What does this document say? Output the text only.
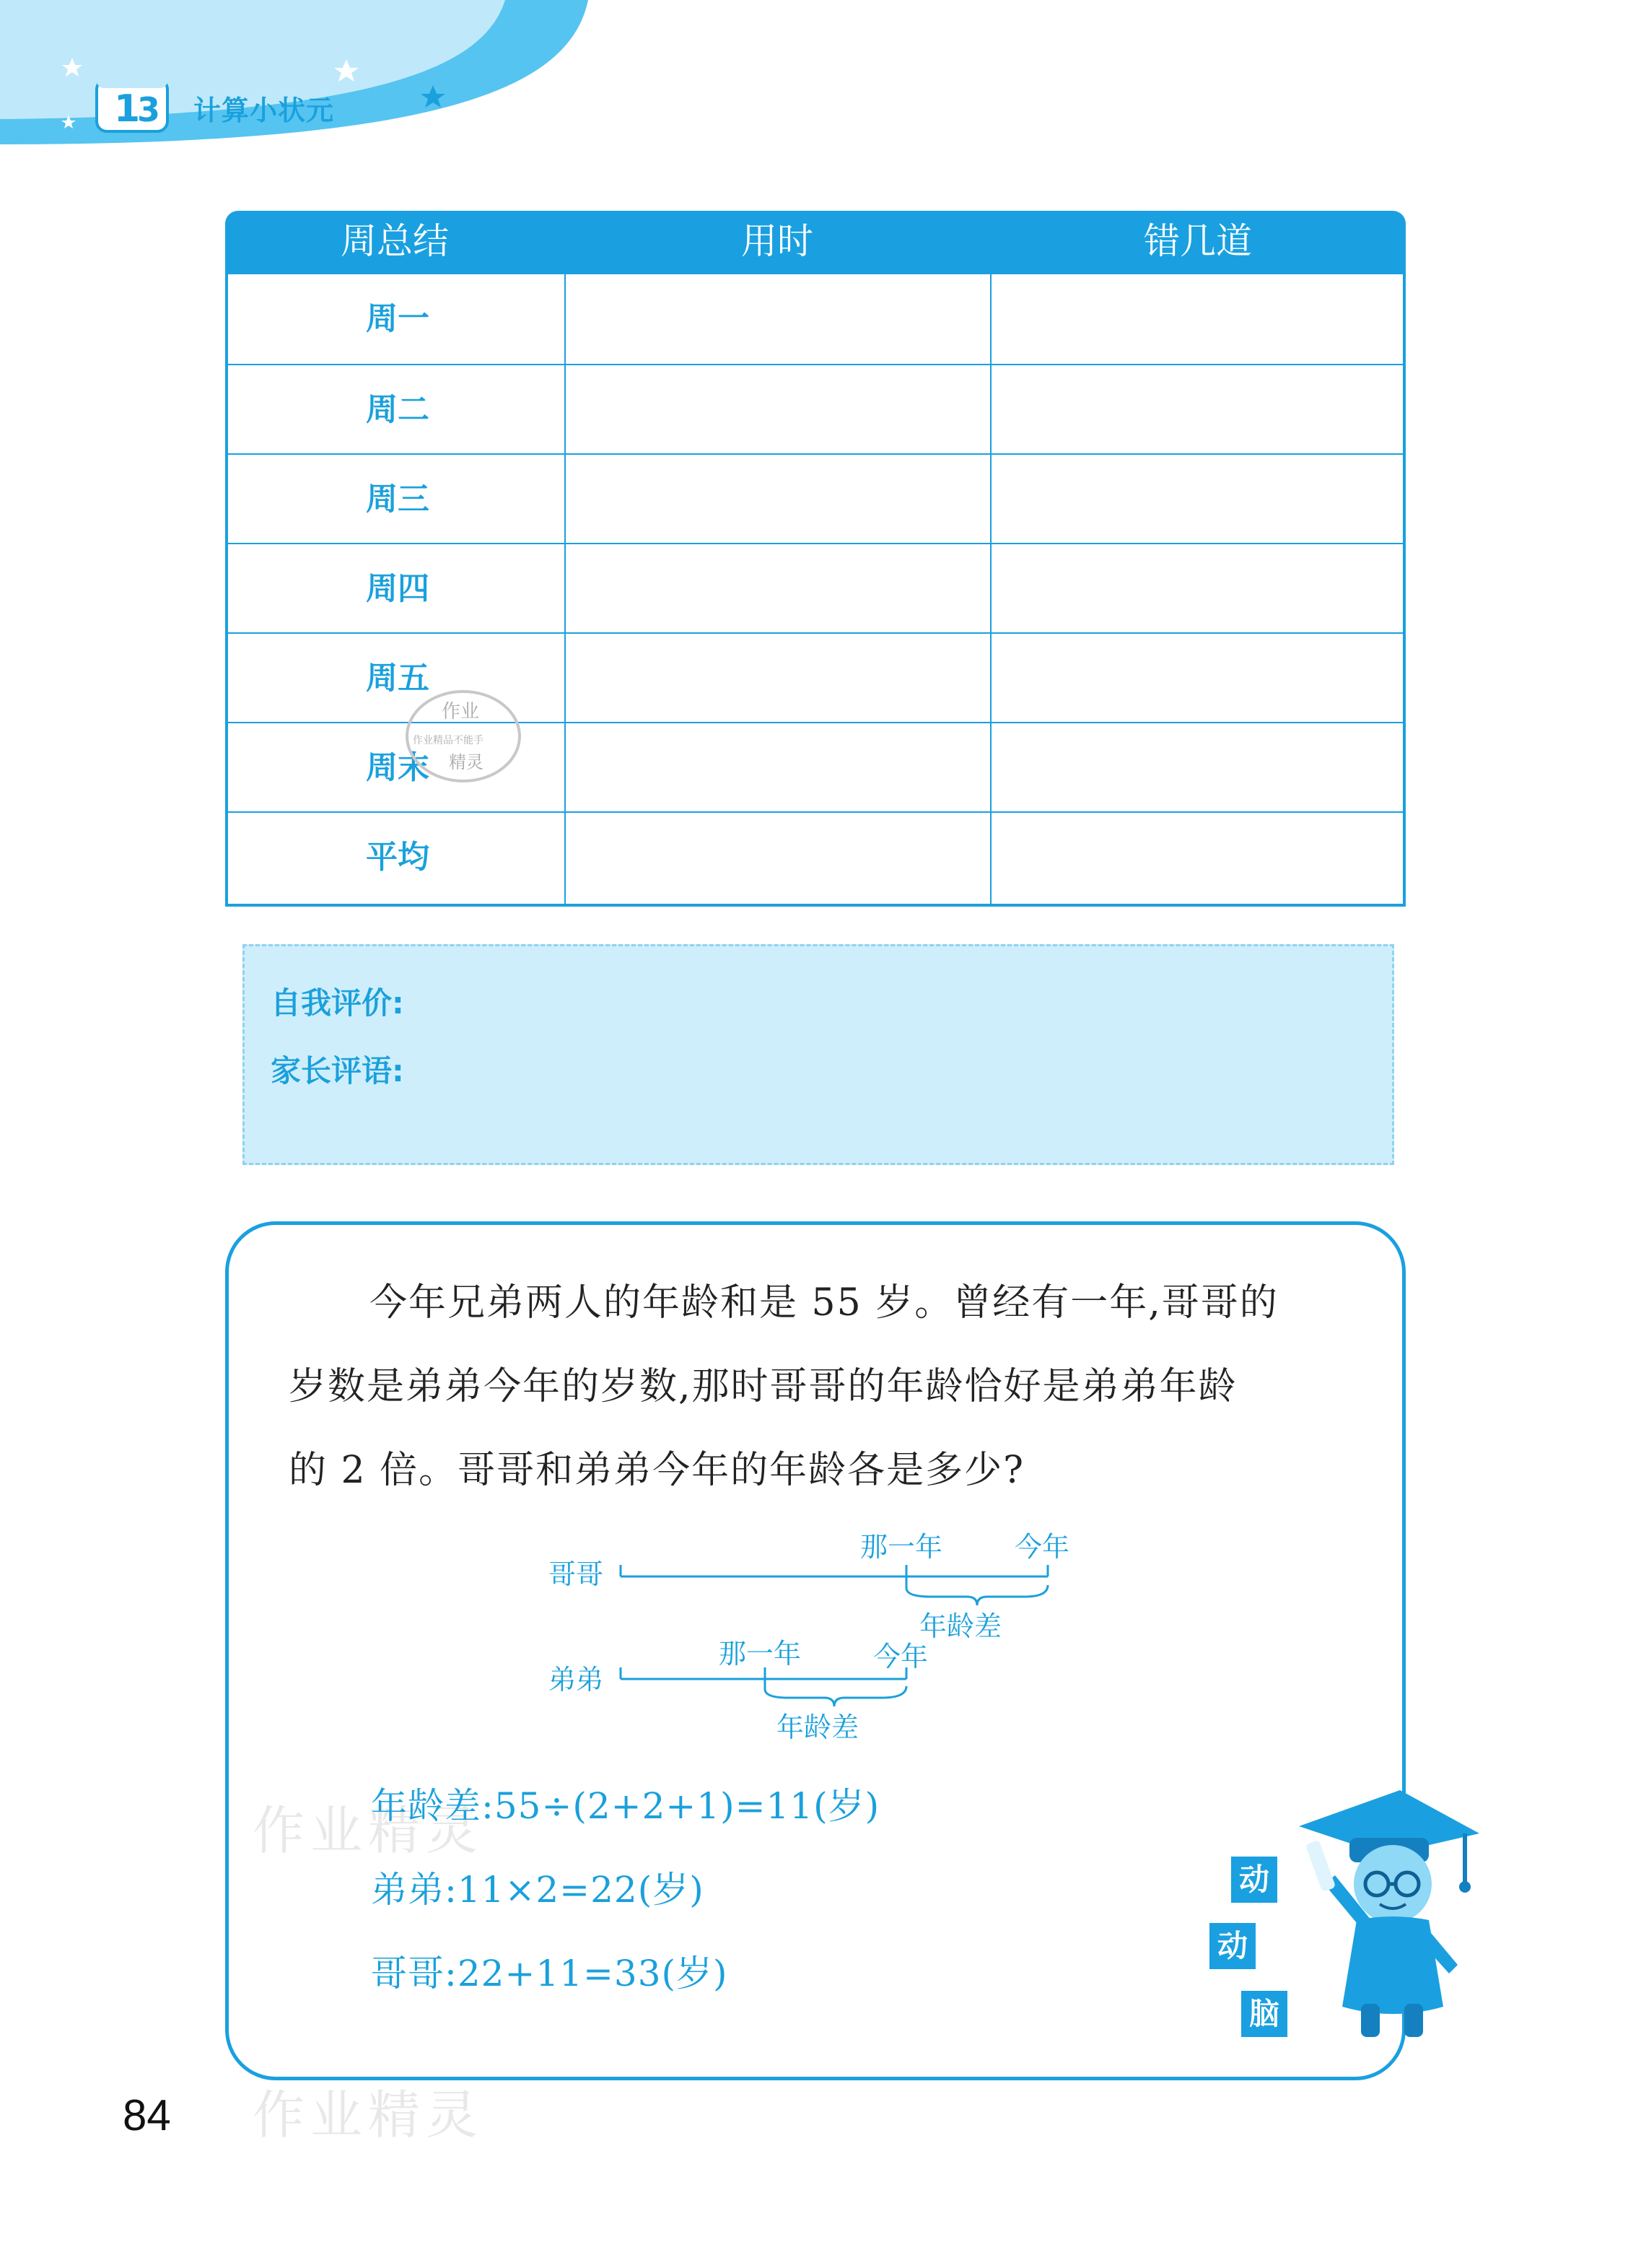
1
3 计算小状元
周总结	用时	错几道
周一
周二
周三
周四
周五
周末
平均
作业
作业精品不能手
精灵
自我评价:
家长评语:
今年兄弟两人的年龄和是 55 岁。曾经有一年,哥哥的
岁数是弟弟今年的岁数,那时哥哥的年龄恰好是弟弟年龄
的 2 倍。哥哥和弟弟今年的年龄各是多少?
哥哥
那一年	今年
年龄差
弟弟
那一年	今年
年龄差
作业精灵
年龄差:55÷(2+2+1)=11(岁)
弟弟:11×2=22(岁)
哥哥:22+11=33(岁)
动
动
脑
84 作业精灵
